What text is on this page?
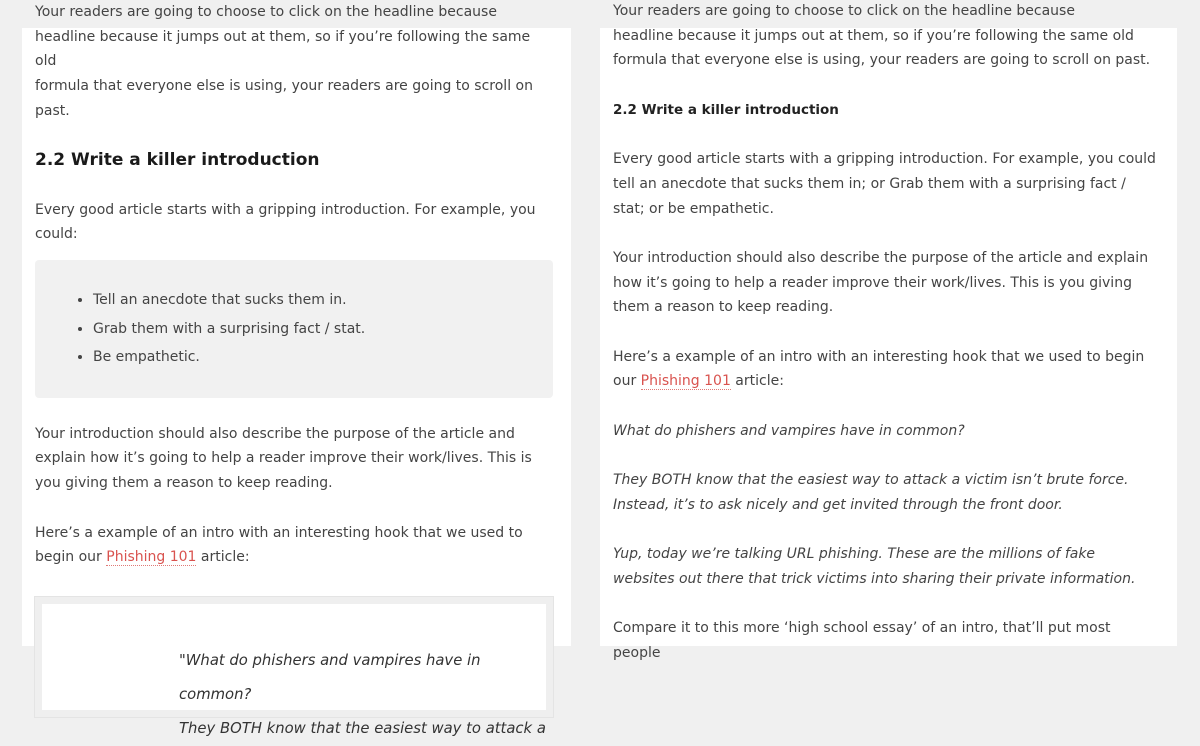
Your readers are going to choose to click on the headline because

headline because it jumps out at them, so if you’re following the same old

formula that everyone else is using, your readers are going to scroll on past.

2.2 Write a killer introduction

Every good article starts with a gripping introduction. For example, you could:

• Tell an anecdote that sucks them in.
• Grab them with a surprising fact / stat.
• Be empathetic.

Your introduction should also describe the purpose of the article and explain how it’s going to help a reader improve their work/lives. This is you giving them a reason to keep reading.

Here’s a example of an intro with an interesting hook that we used to begin our Phishing 101 article:

"What do phishers and vampires have in common?

They BOTH know that the easiest way to attack a

Your readers are going to choose to click on the headline because

headline because it jumps out at them, so if you’re following the same old

formula that everyone else is using, your readers are going to scroll on past.

2.2 Write a killer introduction

Every good article starts with a gripping introduction. For example, you could tell an anecdote that sucks them in; or Grab them with a surprising fact / stat; or be empathetic.

Your introduction should also describe the purpose of the article and explain how it’s going to help a reader improve their work/lives. This is you giving them a reason to keep reading.

Here’s a example of an intro with an interesting hook that we used to begin our Phishing 101 article:

What do phishers and vampires have in common?

They BOTH know that the easiest way to attack a victim isn’t brute force. Instead, it’s to ask nicely and get invited through the front door.

Yup, today we’re talking URL phishing. These are the millions of fake websites out there that trick victims into sharing their private information.

Compare it to this more ‘high school essay’ of an intro, that’ll put most people
